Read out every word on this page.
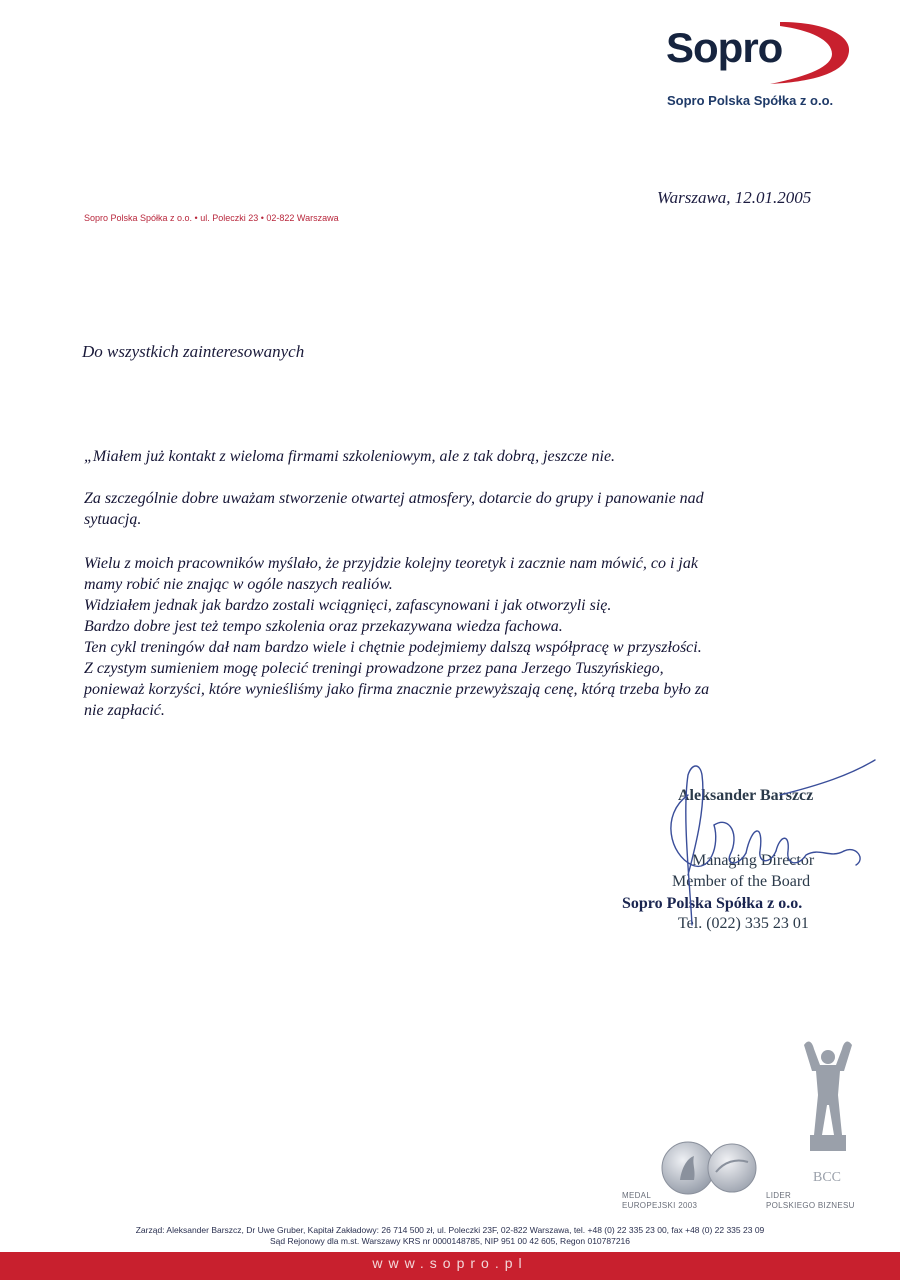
Sopro
Sopro Polska Spółka z o.o.
Warszawa, 12.01.2005
Sopro Polska Spółka z o.o. • ul. Poleczki 23 • 02-822 Warszawa
Do wszystkich zainteresowanych
„Miałem już kontakt z wieloma firmami szkoleniowym, ale z tak dobrą, jeszcze nie.
Za szczególnie dobre uważam stworzenie otwartej atmosfery, dotarcie do grupy i panowanie nad
sytuacją.
Wielu z moich pracowników myślało, że przyjdzie kolejny teoretyk i zacznie nam mówić, co i jak
mamy robić nie znając w ogóle naszych realiów.
Widziałem jednak jak bardzo zostali wciągnięci, zafascynowani i jak otworzyli się.
Bardzo dobre jest też tempo szkolenia oraz przekazywana wiedza fachowa.
Ten cykl treningów dał nam bardzo wiele i chętnie podejmiemy dalszą współpracę w przyszłości.
Z czystym sumieniem mogę polecić treningi prowadzone przez pana Jerzego Tuszyńskiego,
ponieważ korzyści, które wynieśliśmy jako firma znacznie przewyższają cenę, którą trzeba było za
nie zapłacić.
Aleksander Barszcz
Managing Director
Member of the Board
Sopro Polska Spółka z o.o.
Tel. (022) 335 23 01
BCC
MEDAL
EUROPEJSKI 2003
LIDER
POLSKIEGO BIZNESU
Zarząd: Aleksander Barszcz, Dr Uwe Gruber, Kapitał Zakładowy: 26 714 500 zł, ul. Poleczki 23F, 02-822 Warszawa, tel. +48 (0) 22 335 23 00, fax +48 (0) 22 335 23 09
Sąd Rejonowy dla m.st. Warszawy KRS nr 0000148785, NIP 951 00 42 605, Regon 010787216
www.sopro.pl
